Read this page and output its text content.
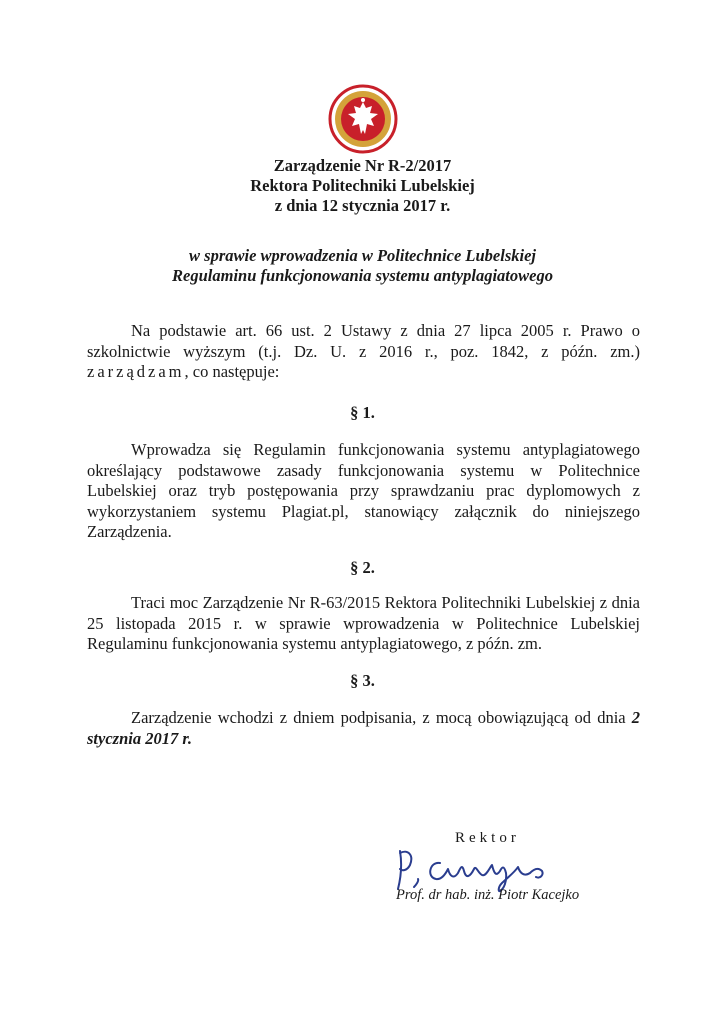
Zarządzenie Nr R-2/2017
Rektora Politechniki Lubelskiej
z dnia 12 stycznia 2017 r.
w sprawie wprowadzenia w Politechnice Lubelskiej
Regulaminu funkcjonowania systemu antyplagiatowego

Na podstawie art. 66 ust. 2 Ustawy z dnia 27 lipca 2005 r. Prawo o szkolnictwie wyższym (t.j. Dz. U. z 2016 r., poz. 1842, z późn. zm.) zarządzam, co następuje:

§ 1.

Wprowadza się Regulamin funkcjonowania systemu antyplagiatowego określający podstawowe zasady funkcjonowania systemu w Politechnice Lubelskiej oraz tryb postępowania przy sprawdzaniu prac dyplomowych z wykorzystaniem systemu Plagiat.pl, stanowiący załącznik do niniejszego Zarządzenia.

§ 2.

Traci moc Zarządzenie Nr R-63/2015 Rektora Politechniki Lubelskiej z dnia 25 listopada 2015 r. w sprawie wprowadzenia w Politechnice Lubelskiej Regulaminu funkcjonowania systemu antyplagiatowego, z późn. zm.

§ 3.

Zarządzenie wchodzi z dniem podpisania, z mocą obowiązującą od dnia 2 stycznia 2017 r.

Rektor
Prof. dr hab. inż. Piotr Kacejko
